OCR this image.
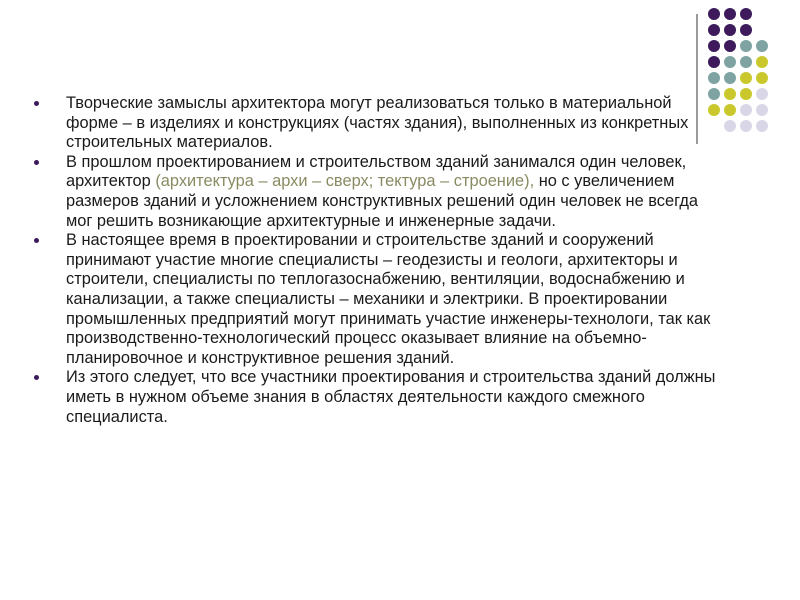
Творческие замыслы архитектора могут реализоваться только в материальной форме – в изделиях и конструкциях (частях здания), выполненных из конкретных строительных материалов.
В прошлом проектированием и строительством зданий занимался один человек, архитектор (архитектура – архи – сверх; тектура – строение), но с увеличением размеров зданий и усложнением конструктивных решений один человек не всегда мог решить возникающие архитектурные и инженерные задачи.
В настоящее время в проектировании и строительстве зданий и сооружений принимают участие многие специалисты – геодезисты и геологи, архитекторы и строители, специалисты по теплогазоснабжению, вентиляции, водоснабжению и канализации, а также специалисты – механики и электрики. В проектировании промышленных предприятий могут принимать участие инженеры-технологи, так как производственно-технологический процесс оказывает влияние на объемно-планировочное и конструктивное решения зданий.
Из этого следует, что все участники проектирования и строительства зданий должны иметь в нужном объеме знания в областях деятельности каждого смежного специалиста.
